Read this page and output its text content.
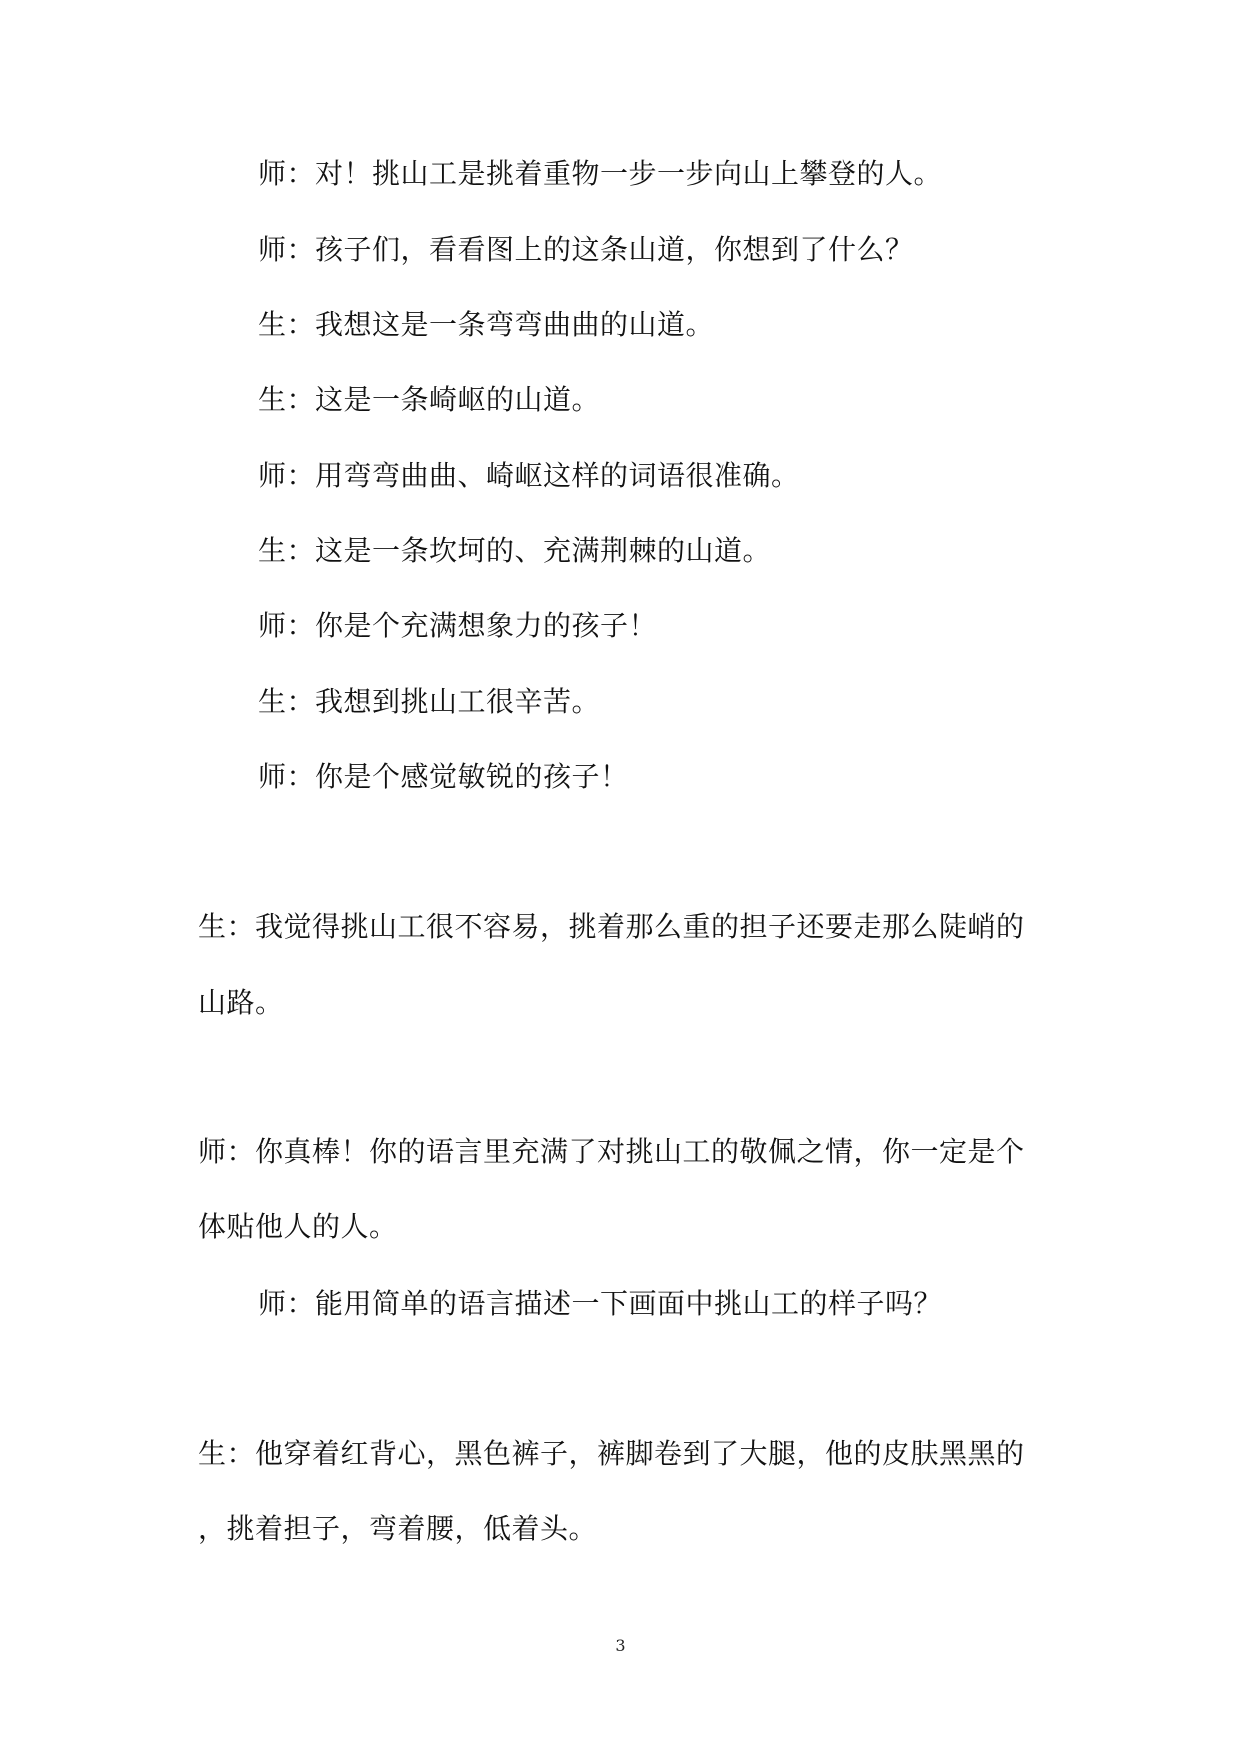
师：对！挑山工是挑着重物一步一步向山上攀登的人。
师：孩子们，看看图上的这条山道，你想到了什么？
生：我想这是一条弯弯曲曲的山道。
生：这是一条崎岖的山道。
师：用弯弯曲曲、崎岖这样的词语很准确。
生：这是一条坎坷的、充满荆棘的山道。
师：你是个充满想象力的孩子！
生：我想到挑山工很辛苦。
师：你是个感觉敏锐的孩子！
生：我觉得挑山工很不容易，挑着那么重的担子还要走那么陡峭的
山路。
师：你真棒！你的语言里充满了对挑山工的敬佩之情，你一定是个
体贴他人的人。
师：能用简单的语言描述一下画面中挑山工的样子吗？
生：他穿着红背心，黑色裤子，裤脚卷到了大腿，他的皮肤黑黑的
，挑着担子，弯着腰，低着头。
3
